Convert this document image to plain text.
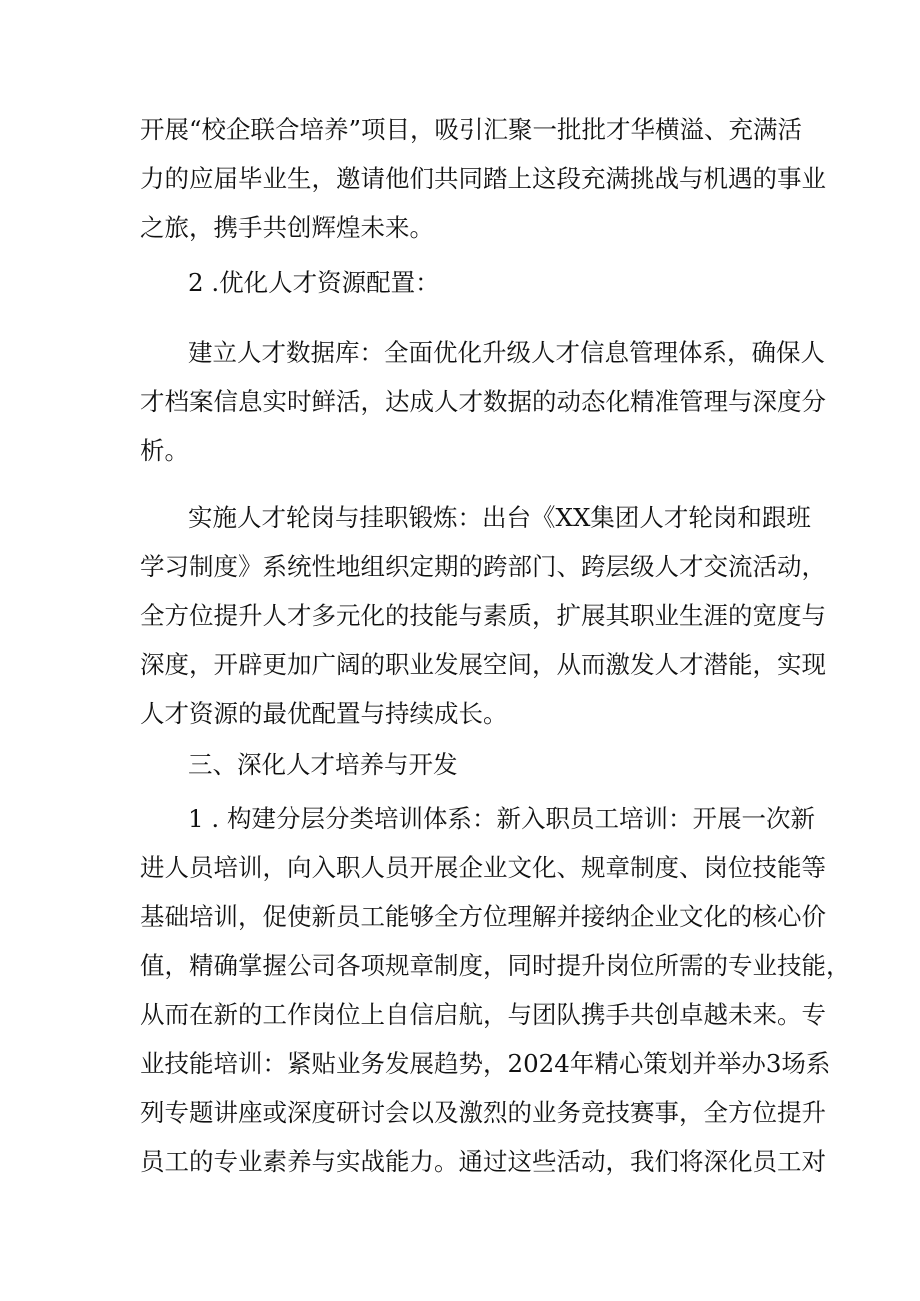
开展“校企联合培养”项目，吸引汇聚一批批才华横溢、充满活
力的应届毕业生，邀请他们共同踏上这段充满挑战与机遇的事业
之旅，携手共创辉煌未来。
2 .优化人才资源配置：
建立人才数据库：全面优化升级人才信息管理体系，确保人
才档案信息实时鲜活，达成人才数据的动态化精准管理与深度分
析。
实施人才轮岗与挂职锻炼：出台《XX集团人才轮岗和跟班
学习制度》系统性地组织定期的跨部门、跨层级人才交流活动，
全方位提升人才多元化的技能与素质，扩展其职业生涯的宽度与
深度，开辟更加广阔的职业发展空间，从而激发人才潜能，实现
人才资源的最优配置与持续成长。
三、深化人才培养与开发
1 . 构建分层分类培训体系：新入职员工培训：开展一次新
进人员培训，向入职人员开展企业文化、规章制度、岗位技能等
基础培训，促使新员工能够全方位理解并接纳企业文化的核心价
值，精确掌握公司各项规章制度，同时提升岗位所需的专业技能，
从而在新的工作岗位上自信启航，与团队携手共创卓越未来。专
业技能培训：紧贴业务发展趋势，2024年精心策划并举办3场系
列专题讲座或深度研讨会以及激烈的业务竞技赛事，全方位提升
员工的专业素养与实战能力。通过这些活动，我们将深化员工对
